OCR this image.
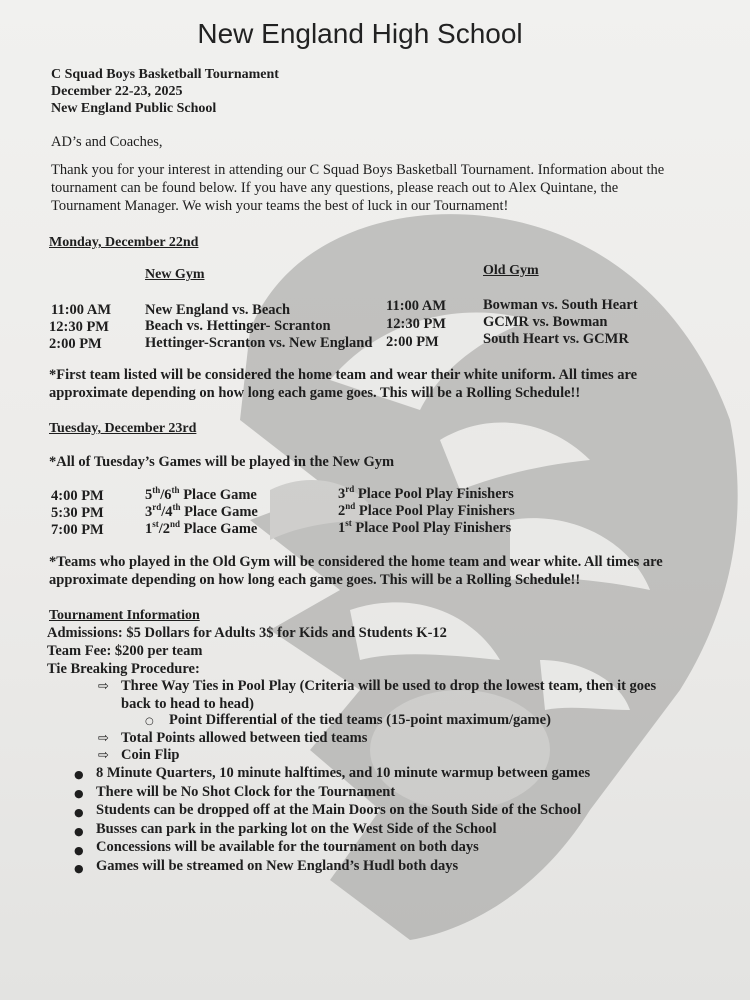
New England High School
C Squad Boys Basketball Tournament
December 22-23, 2025
New England Public School
AD’s and Coaches,
Thank you for your interest in attending our C Squad Boys Basketball Tournament. Information about the
tournament can be found below. If you have any questions, please reach out to Alex Quintane, the
Tournament Manager. We wish your teams the best of luck in our Tournament!
Monday, December 22nd
New Gym	Old Gym
11:00 AM New England vs. Beach	11:00 AM	Bowman vs. South Heart
12:30 PM Beach vs. Hettinger- Scranton	12:30 PM	GCMR vs. Bowman
2:00 PM	Hettinger-Scranton vs. New England 2:00 PM	South Heart vs. GCMR
*First team listed will be considered the home team and wear their white uniform. All times are
approximate depending on how long each game goes. This will be a Rolling Schedule!!
Tuesday, December 23rd
*All of Tuesday’s Games will be played in the New Gym
4:00 PM	5th/6th Place Game	3rd Place Pool Play Finishers
5:30 PM	3rd/4th Place Game	2nd Place Pool Play Finishers
7:00 PM	1st/2nd Place Game	1st Place Pool Play Finishers
*Teams who played in the Old Gym will be considered the home team and wear white. All times are
approximate depending on how long each game goes. This will be a Rolling Schedule!!
Tournament Information
Admissions: $5 Dollars for Adults 3$ for Kids and Students K-12
Team Fee: $200 per team
Tie Breaking Procedure:
⇨ Three Way Ties in Pool Play (Criteria will be used to drop the lowest team, then it goes
back to head to head)
○ Point Differential of the tied teams (15-point maximum/game)
⇨ Total Points allowed between tied teams
⇨ Coin Flip
● 8 Minute Quarters, 10 minute halftimes, and 10 minute warmup between games
● There will be No Shot Clock for the Tournament
● Students can be dropped off at the Main Doors on the South Side of the School
● Busses can park in the parking lot on the West Side of the School
● Concessions will be available for the tournament on both days
● Games will be streamed on New England’s Hudl both days
